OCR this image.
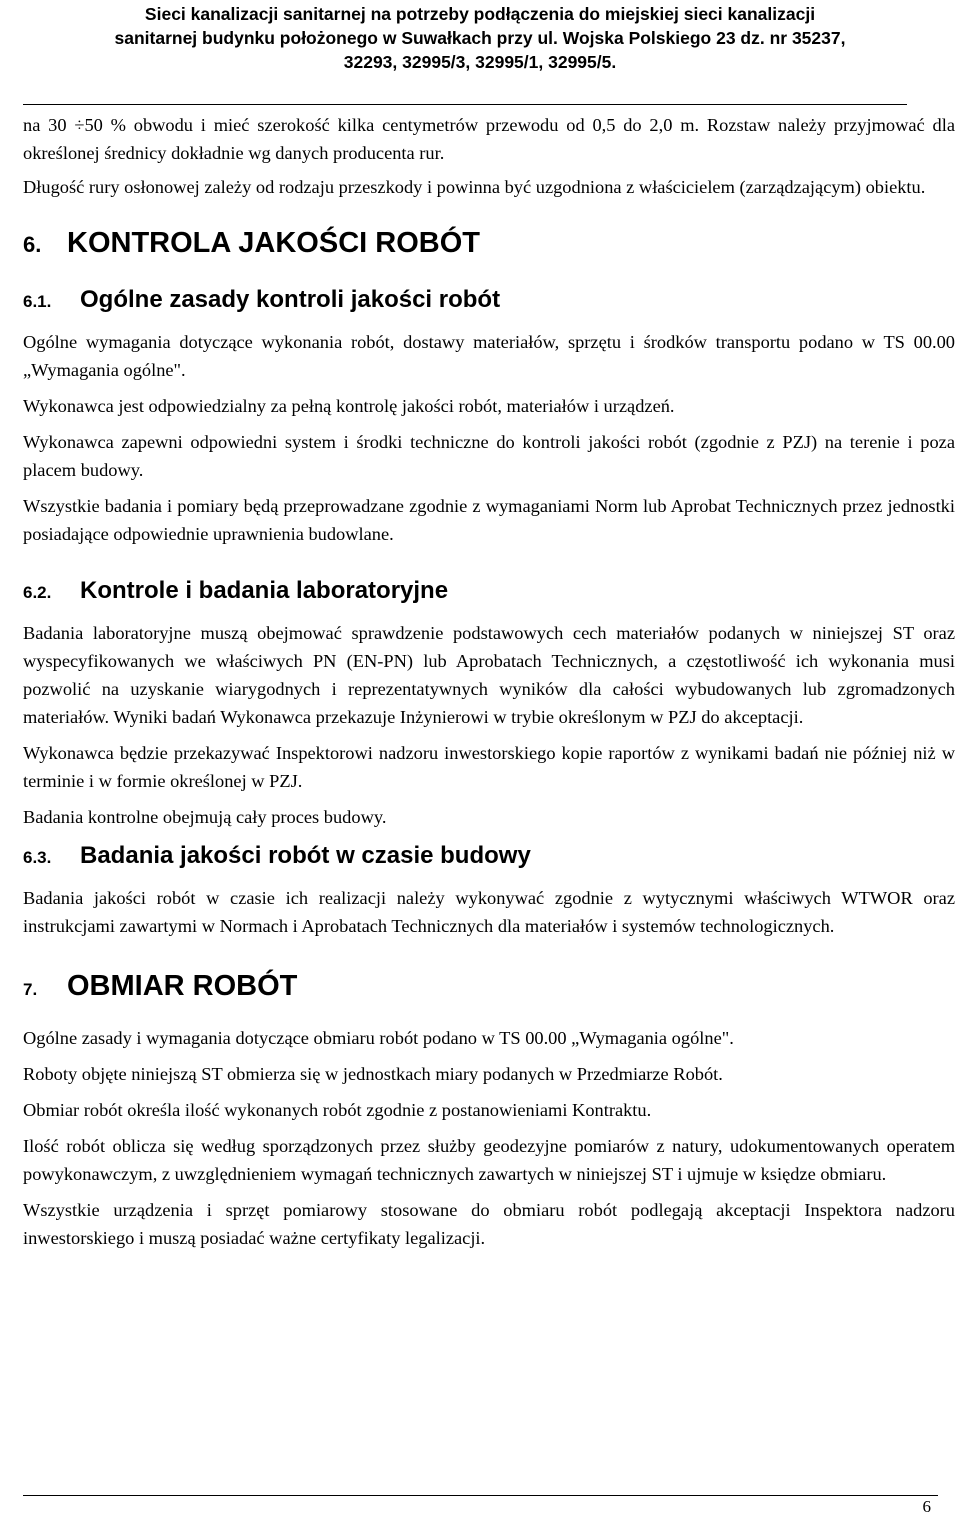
Sieci kanalizacji sanitarnej na potrzeby podłączenia do miejskiej sieci kanalizacji
sanitarnej budynku położonego w Suwałkach przy ul. Wojska Polskiego 23 dz. nr 35237,
32293, 32995/3, 32995/1, 32995/5.

na 30 ÷50 % obwodu i mieć szerokość kilka centymetrów przewodu od 0,5 do 2,0 m. Rozstaw należy przyjmować dla określonej średnicy dokładnie wg danych producenta rur.

Długość rury osłonowej zależy od rodzaju przeszkody i powinna być uzgodniona z właścicielem (zarządzającym) obiektu.

6. KONTROLA JAKOŚCI ROBÓT
6.1.	Ogólne zasady kontroli jakości robót

Ogólne wymagania dotyczące wykonania robót, dostawy materiałów, sprzętu i środków transportu podano w TS 00.00 „Wymagania ogólne".

Wykonawca jest odpowiedzialny za pełną kontrolę jakości robót, materiałów i urządzeń.

Wykonawca zapewni odpowiedni system i środki techniczne do kontroli jakości robót (zgodnie z PZJ) na terenie i poza placem budowy.

Wszystkie badania i pomiary będą przeprowadzane zgodnie z wymaganiami Norm lub Aprobat Technicznych przez jednostki posiadające odpowiednie uprawnienia budowlane.

6.2.	Kontrole i badania laboratoryjne

Badania laboratoryjne muszą obejmować sprawdzenie podstawowych cech materiałów podanych w niniejszej ST oraz wyspecyfikowanych we właściwych PN (EN-PN) lub Aprobatach Technicznych, a częstotliwość ich wykonania musi pozwolić na uzyskanie wiarygodnych i reprezentatywnych wyników dla całości wybudowanych lub zgromadzonych materiałów. Wyniki badań Wykonawca przekazuje Inżynierowi w trybie określonym w PZJ do akceptacji.

Wykonawca będzie przekazywać Inspektorowi nadzoru inwestorskiego kopie raportów z wynikami badań nie później niż w terminie i w formie określonej w PZJ.

Badania kontrolne obejmują cały proces budowy.

6.3.	Badania jakości robót w czasie budowy

Badania jakości robót w czasie ich realizacji należy wykonywać zgodnie z wytycznymi właściwych WTWOR oraz instrukcjami zawartymi w Normach i Aprobatach Technicznych dla materiałów i systemów technologicznych.

7.	OBMIAR ROBÓT

Ogólne zasady i wymagania dotyczące obmiaru robót podano w TS 00.00 „Wymagania ogólne".

Roboty objęte niniejszą ST obmierza się w jednostkach miary podanych w Przedmiarze Robót.

Obmiar robót określa ilość wykonanych robót zgodnie z postanowieniami Kontraktu.

Ilość robót oblicza się według sporządzonych przez służby geodezyjne pomiarów z natury, udokumentowanych operatem powykonawczym, z uwzględnieniem wymagań technicznych zawartych w niniejszej ST i ujmuje w księdze obmiaru.

Wszystkie urządzenia i sprzęt pomiarowy stosowane do obmiaru robót podlegają akceptacji Inspektora nadzoru inwestorskiego i muszą posiadać ważne certyfikaty legalizacji.

6
